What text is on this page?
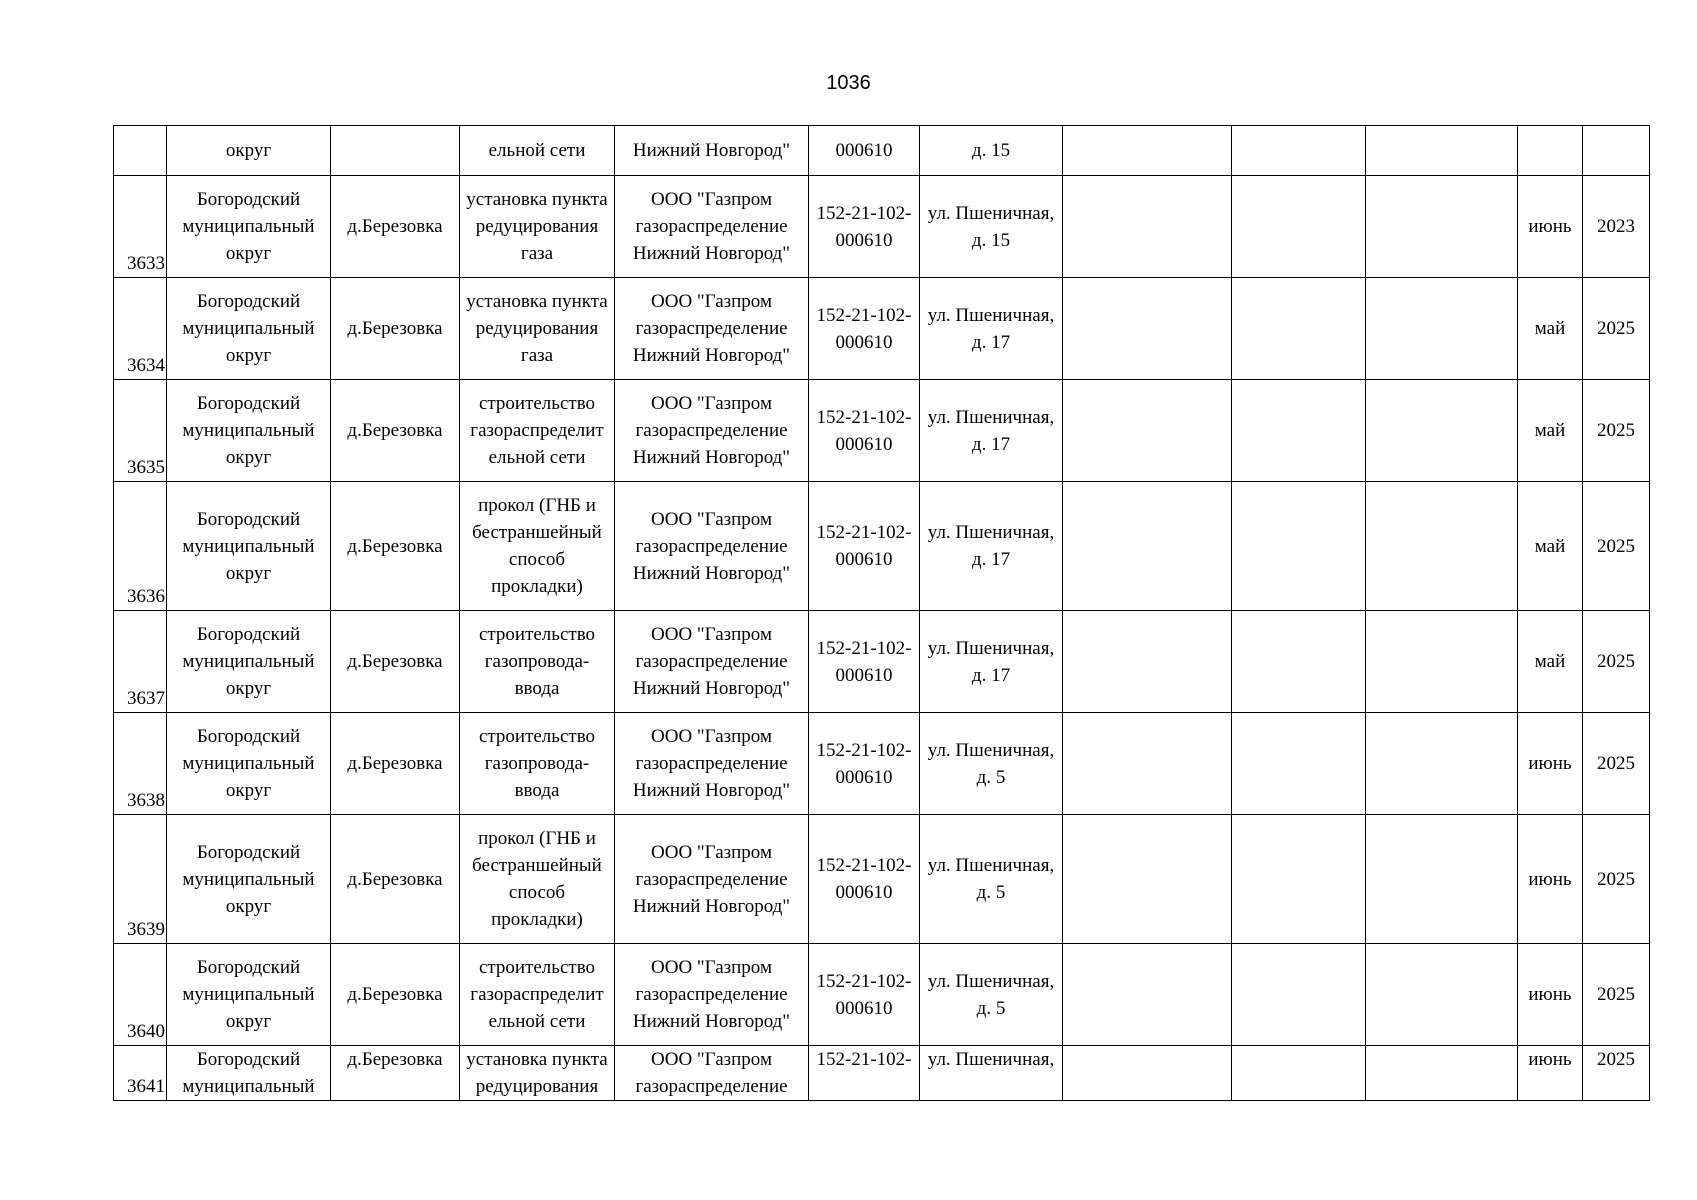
1036
	округ		ельной сети	Нижний Новгород"	000610	д. 15					
3633	Богородский
муниципальный
округ	д.Березовка	установка пункта
редуцирования
газа	ООО "Газпром
газораспределение
Нижний Новгород"	152-21-102-
000610	ул. Пшеничная,
д. 15				июнь	2023
3634	Богородский
муниципальный
округ	д.Березовка	установка пункта
редуцирования
газа	ООО "Газпром
газораспределение
Нижний Новгород"	152-21-102-
000610	ул. Пшеничная,
д. 17				май	2025
3635	Богородский
муниципальный
округ	д.Березовка	строительство
газораспределит
ельной сети	ООО "Газпром
газораспределение
Нижний Новгород"	152-21-102-
000610	ул. Пшеничная,
д. 17				май	2025
3636	Богородский
муниципальный
округ	д.Березовка	прокол (ГНБ и
бестраншейный
способ
прокладки)	ООО "Газпром
газораспределение
Нижний Новгород"	152-21-102-
000610	ул. Пшеничная,
д. 17				май	2025
3637	Богородский
муниципальный
округ	д.Березовка	строительство
газопровода-
ввода	ООО "Газпром
газораспределение
Нижний Новгород"	152-21-102-
000610	ул. Пшеничная,
д. 17				май	2025
3638	Богородский
муниципальный
округ	д.Березовка	строительство
газопровода-
ввода	ООО "Газпром
газораспределение
Нижний Новгород"	152-21-102-
000610	ул. Пшеничная,
д. 5				июнь	2025
3639	Богородский
муниципальный
округ	д.Березовка	прокол (ГНБ и
бестраншейный
способ
прокладки)	ООО "Газпром
газораспределение
Нижний Новгород"	152-21-102-
000610	ул. Пшеничная,
д. 5				июнь	2025
3640	Богородский
муниципальный
округ	д.Березовка	строительство
газораспределит
ельной сети	ООО "Газпром
газораспределение
Нижний Новгород"	152-21-102-
000610	ул. Пшеничная,
д. 5				июнь	2025
3641	Богородский
муниципальный	д.Березовка	установка пункта
редуцирования	ООО "Газпром
газораспределение	152-21-102-	ул. Пшеничная,				июнь	2025
